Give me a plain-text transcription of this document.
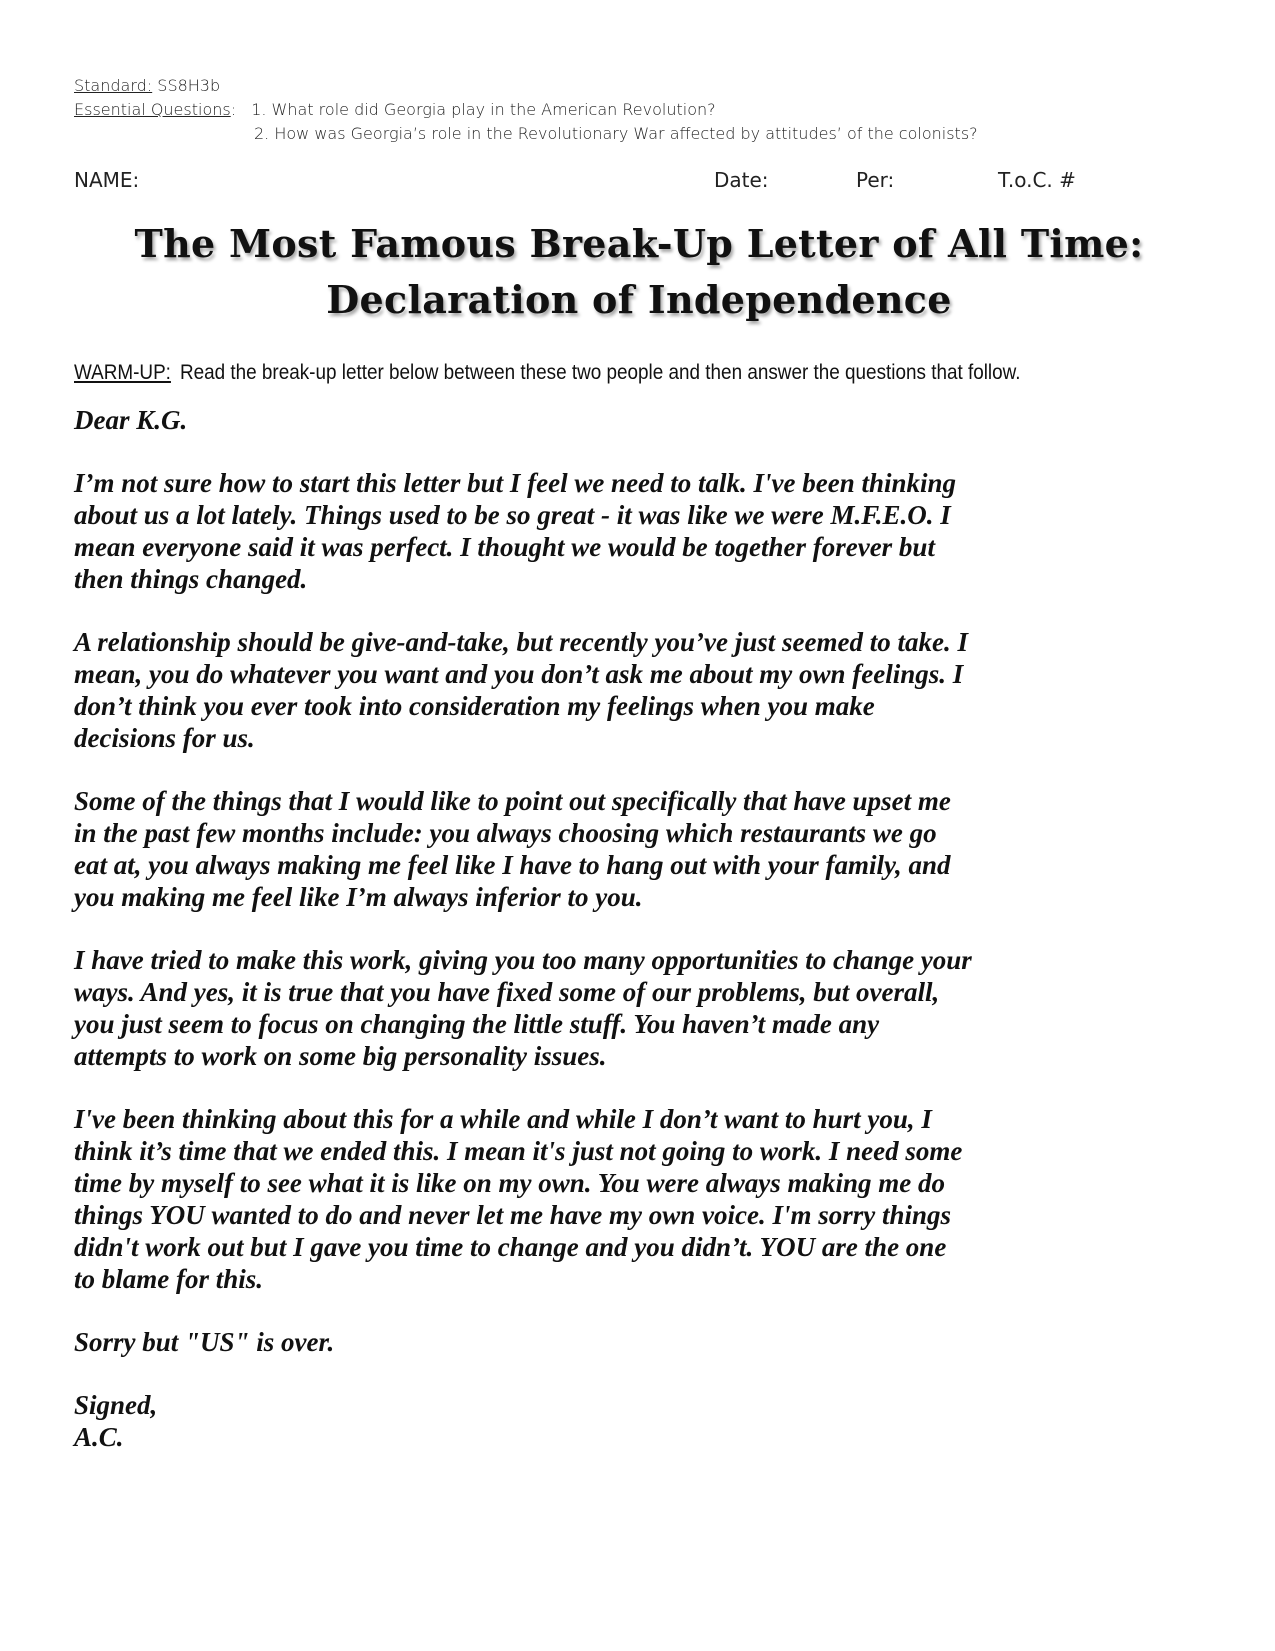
Standard: SS8H3b
Essential Questions: 1. What role did Georgia play in the American Revolution?
2. How was Georgia’s role in the Revolutionary War affected by attitudes’ of the colonists?
NAME:	Date:	Per:	T.o.C. #
The Most Famous Break-Up Letter of All Time:
Declaration of Independence
WARM-UP: Read the break-up letter below between these two people and then answer the questions that follow.

Dear K.G.

I’m not sure how to start this letter but I feel we need to talk. I've been thinking about us a lot lately. Things used to be so great - it was like we were M.F.E.O. I mean everyone said it was perfect. I thought we would be together forever but then things changed.

A relationship should be give-and-take, but recently you’ve just seemed to take. I mean, you do whatever you want and you don’t ask me about my own feelings. I don’t think you ever took into consideration my feelings when you make decisions for us.

Some of the things that I would like to point out specifically that have upset me in the past few months include: you always choosing which restaurants we go eat at, you always making me feel like I have to hang out with your family, and you making me feel like I’m always inferior to you.

I have tried to make this work, giving you too many opportunities to change your ways. And yes, it is true that you have fixed some of our problems, but overall, you just seem to focus on changing the little stuff. You haven’t made any attempts to work on some big personality issues.

I've been thinking about this for a while and while I don’t want to hurt you, I think it’s time that we ended this. I mean it's just not going to work. I need some time by myself to see what it is like on my own. You were always making me do things YOU wanted to do and never let me have my own voice. I'm sorry things didn't work out but I gave you time to change and you didn’t. YOU are the one to blame for this.

Sorry but "US" is over.

Signed,

A.C.
